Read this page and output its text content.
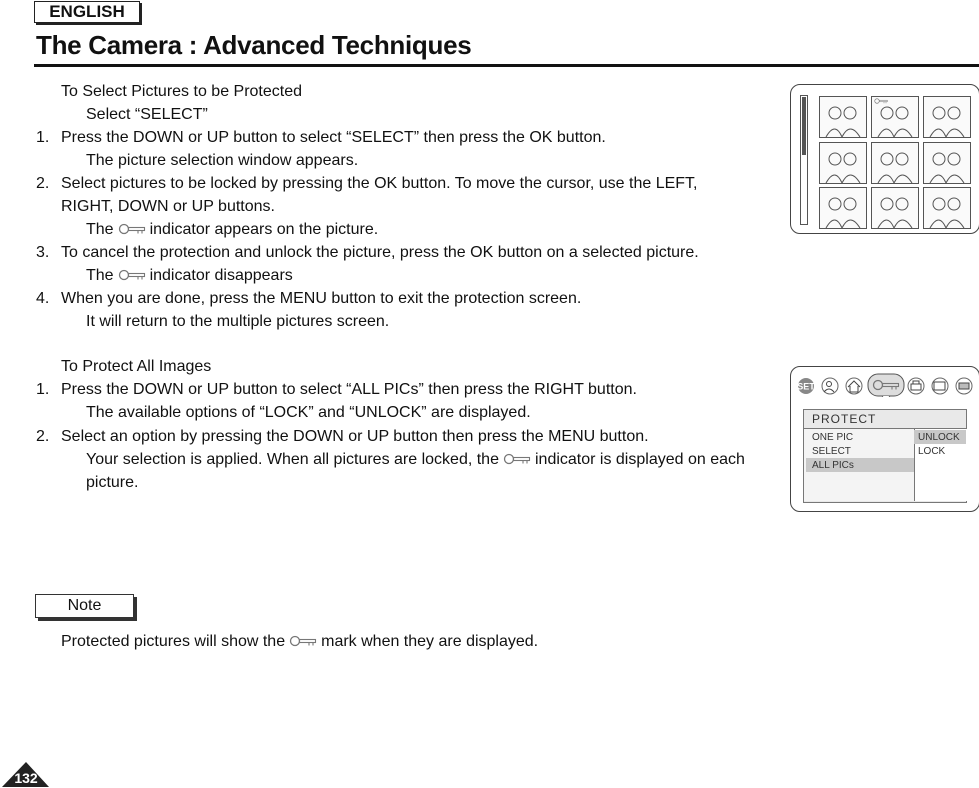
ENGLISH
The Camera : Advanced Techniques
To Select Pictures to be Protected
Select “SELECT”
1. Press the DOWN or UP button to select “SELECT” then press the OK button.
The picture selection window appears.
2. Select pictures to be locked by pressing the OK button. To move the cursor, use the LEFT,
RIGHT, DOWN or UP buttons.
The indicator appears on the picture.
3. To cancel the protection and unlock the picture, press the OK button on a selected picture.
The indicator disappears
4. When you are done, press the MENU button to exit the protection screen.
It will return to the multiple pictures screen.
To Protect All Images
1. Press the DOWN or UP button to select “ALL PICs” then press the RIGHT button.
The available options of “LOCK” and “UNLOCK” are displayed.
2. Select an option by pressing the DOWN or UP button then press the MENU button.
Your selection is applied. When all pictures are locked, the indicator is displayed on each
picture.
Note
Protected pictures will show the mark when they are displayed.
SET
PROTECT
ONE PIC
SELECT
ALL PICs
UNLOCK
LOCK
132
